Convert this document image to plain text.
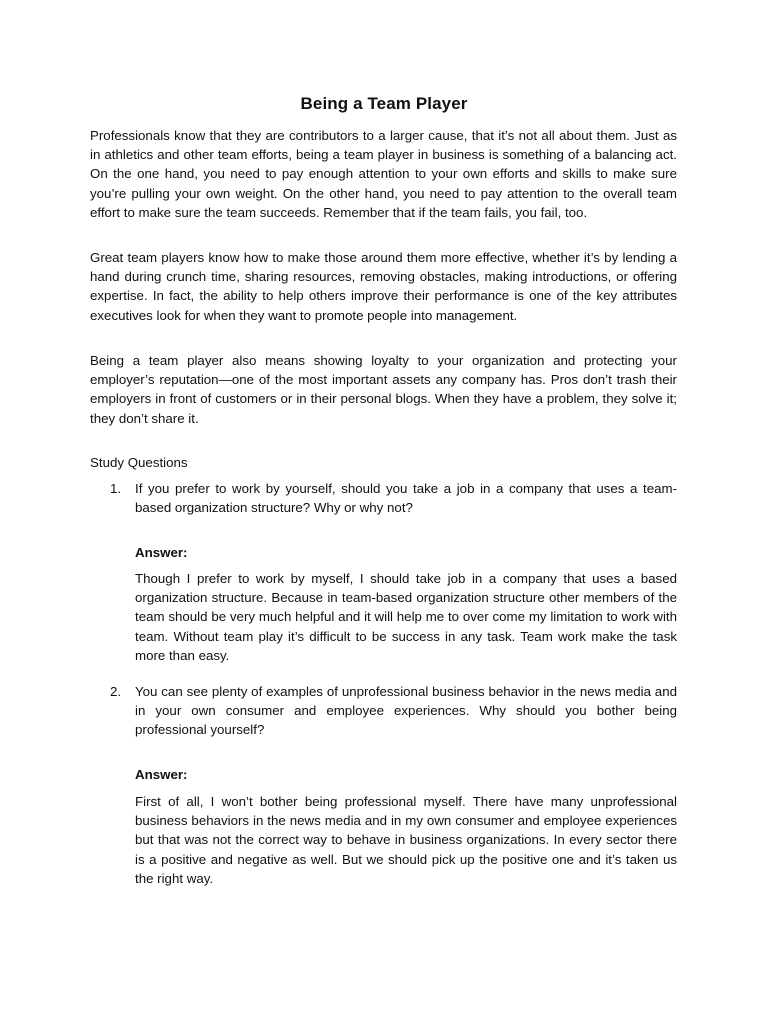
Being a Team Player
Professionals know that they are contributors to a larger cause, that it’s not all about them. Just as in athletics and other team efforts, being a team player in business is something of a balancing act. On the one hand, you need to pay enough attention to your own efforts and skills to make sure you’re pulling your own weight. On the other hand, you need to pay attention to the overall team effort to make sure the team succeeds. Remember that if the team fails, you fail, too.
Great team players know how to make those around them more effective, whether it’s by lending a hand during crunch time, sharing resources, removing obstacles, making introductions, or offering expertise. In fact, the ability to help others improve their performance is one of the key attributes executives look for when they want to promote people into management.
Being a team player also means showing loyalty to your organization and protecting your employer’s reputation—one of the most important assets any company has. Pros don’t trash their employers in front of customers or in their personal blogs. When they have a problem, they solve it; they don’t share it.
Study Questions
1. If you prefer to work by yourself, should you take a job in a company that uses a team-based organization structure? Why or why not?
Answer:
Though I prefer to work by myself, I should take job in a company that uses a based organization structure. Because in team-based organization structure other members of the team should be very much helpful and it will help me to over come my limitation to work with team. Without team play it’s difficult to be success in any task. Team work make the task more than easy.
2. You can see plenty of examples of unprofessional business behavior in the news media and in your own consumer and employee experiences. Why should you bother being professional yourself?
Answer:
First of all, I won’t bother being professional myself. There have many unprofessional business behaviors in the news media and in my own consumer and employee experiences but that was not the correct way to behave in business organizations. In every sector there is a positive and negative as well. But we should pick up the positive one and it’s taken us the right way.
